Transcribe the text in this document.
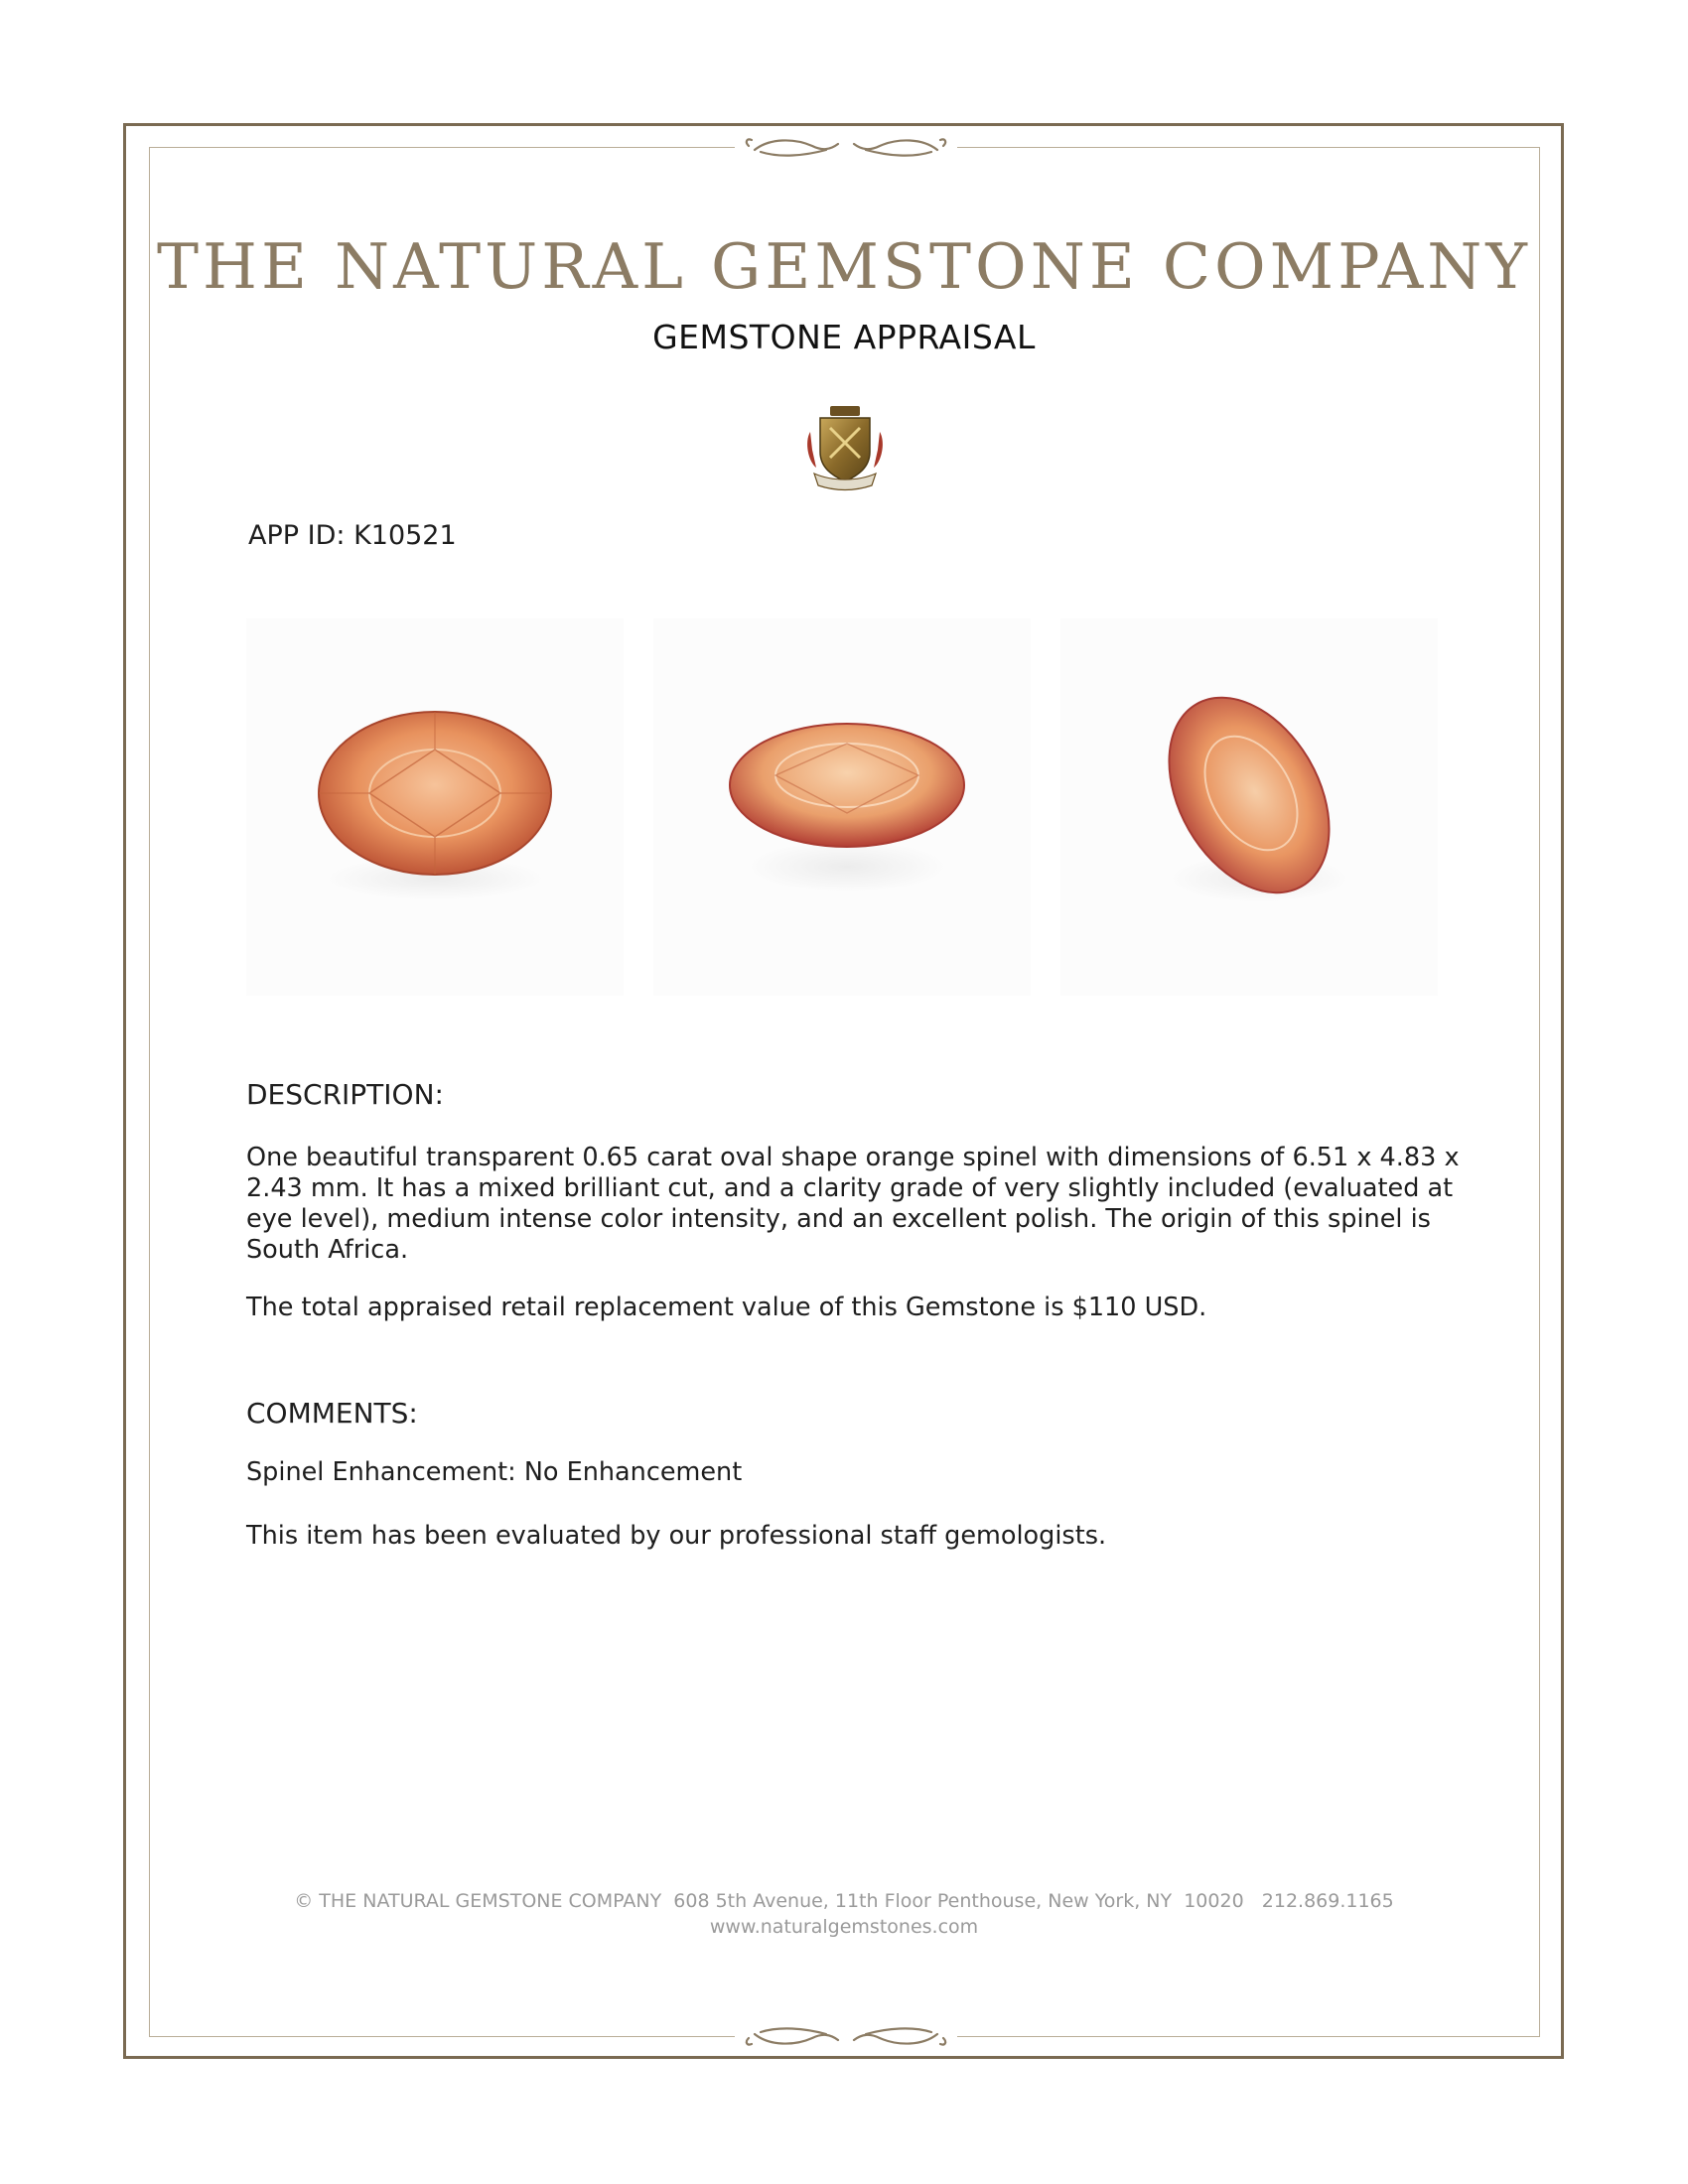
THE NATURAL GEMSTONE COMPANY
GEMSTONE APPRAISAL
APP ID: K10521
DESCRIPTION:
One beautiful transparent 0.65 carat oval shape orange spinel with dimensions of 6.51 x 4.83 x 2.43 mm. It has a mixed brilliant cut, and a clarity grade of very slightly included (evaluated at eye level), medium intense color intensity, and an excellent polish. The origin of this spinel is South Africa.
The total appraised retail replacement value of this Gemstone is $110 USD.
COMMENTS:
Spinel Enhancement: No Enhancement
This item has been evaluated by our professional staff gemologists.
© THE NATURAL GEMSTONE COMPANY  608 5th Avenue, 11th Floor Penthouse, New York, NY  10020   212.869.1165
www.naturalgemstones.com
